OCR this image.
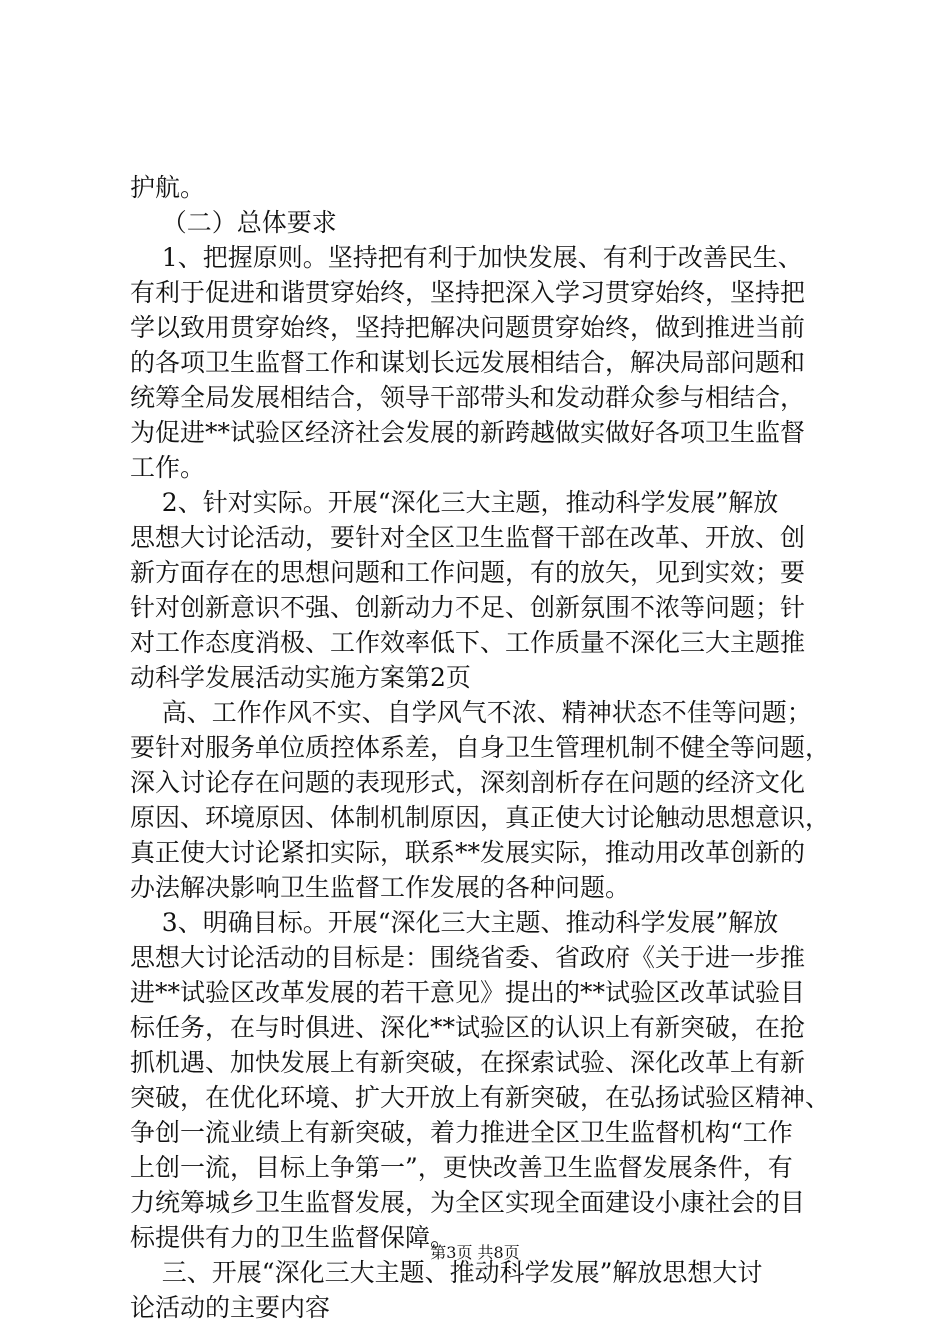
护航。
（二）总体要求
1、把握原则。坚持把有利于加快发展、有利于改善民生、
有利于促进和谐贯穿始终，坚持把深入学习贯穿始终，坚持把
学以致用贯穿始终，坚持把解决问题贯穿始终，做到推进当前
的各项卫生监督工作和谋划长远发展相结合，解决局部问题和
统筹全局发展相结合，领导干部带头和发动群众参与相结合，
为促进**试验区经济社会发展的新跨越做实做好各项卫生监督
工作。
2、针对实际。开展“深化三大主题，推动科学发展”解放
思想大讨论活动，要针对全区卫生监督干部在改革、开放、创
新方面存在的思想问题和工作问题，有的放矢，见到实效；要
针对创新意识不强、创新动力不足、创新氛围不浓等问题；针
对工作态度消极、工作效率低下、工作质量不深化三大主题推
动科学发展活动实施方案第2页
高、工作作风不实、自学风气不浓、精神状态不佳等问题；
要针对服务单位质控体系差，自身卫生管理机制不健全等问题，
深入讨论存在问题的表现形式，深刻剖析存在问题的经济文化
原因、环境原因、体制机制原因，真正使大讨论触动思想意识，
真正使大讨论紧扣实际，联系**发展实际，推动用改革创新的
办法解决影响卫生监督工作发展的各种问题。
3、明确目标。开展“深化三大主题、推动科学发展”解放
思想大讨论活动的目标是：围绕省委、省政府《关于进一步推
进**试验区改革发展的若干意见》提出的**试验区改革试验目
标任务，在与时俱进、深化**试验区的认识上有新突破，在抢
抓机遇、加快发展上有新突破，在探索试验、深化改革上有新
突破，在优化环境、扩大开放上有新突破，在弘扬试验区精神、
争创一流业绩上有新突破，着力推进全区卫生监督机构“工作
上创一流，目标上争第一”，更快改善卫生监督发展条件，有
力统筹城乡卫生监督发展，为全区实现全面建设小康社会的目
标提供有力的卫生监督保障。
三、开展“深化三大主题、推动科学发展”解放思想大讨
论活动的主要内容
第3页 共8页
